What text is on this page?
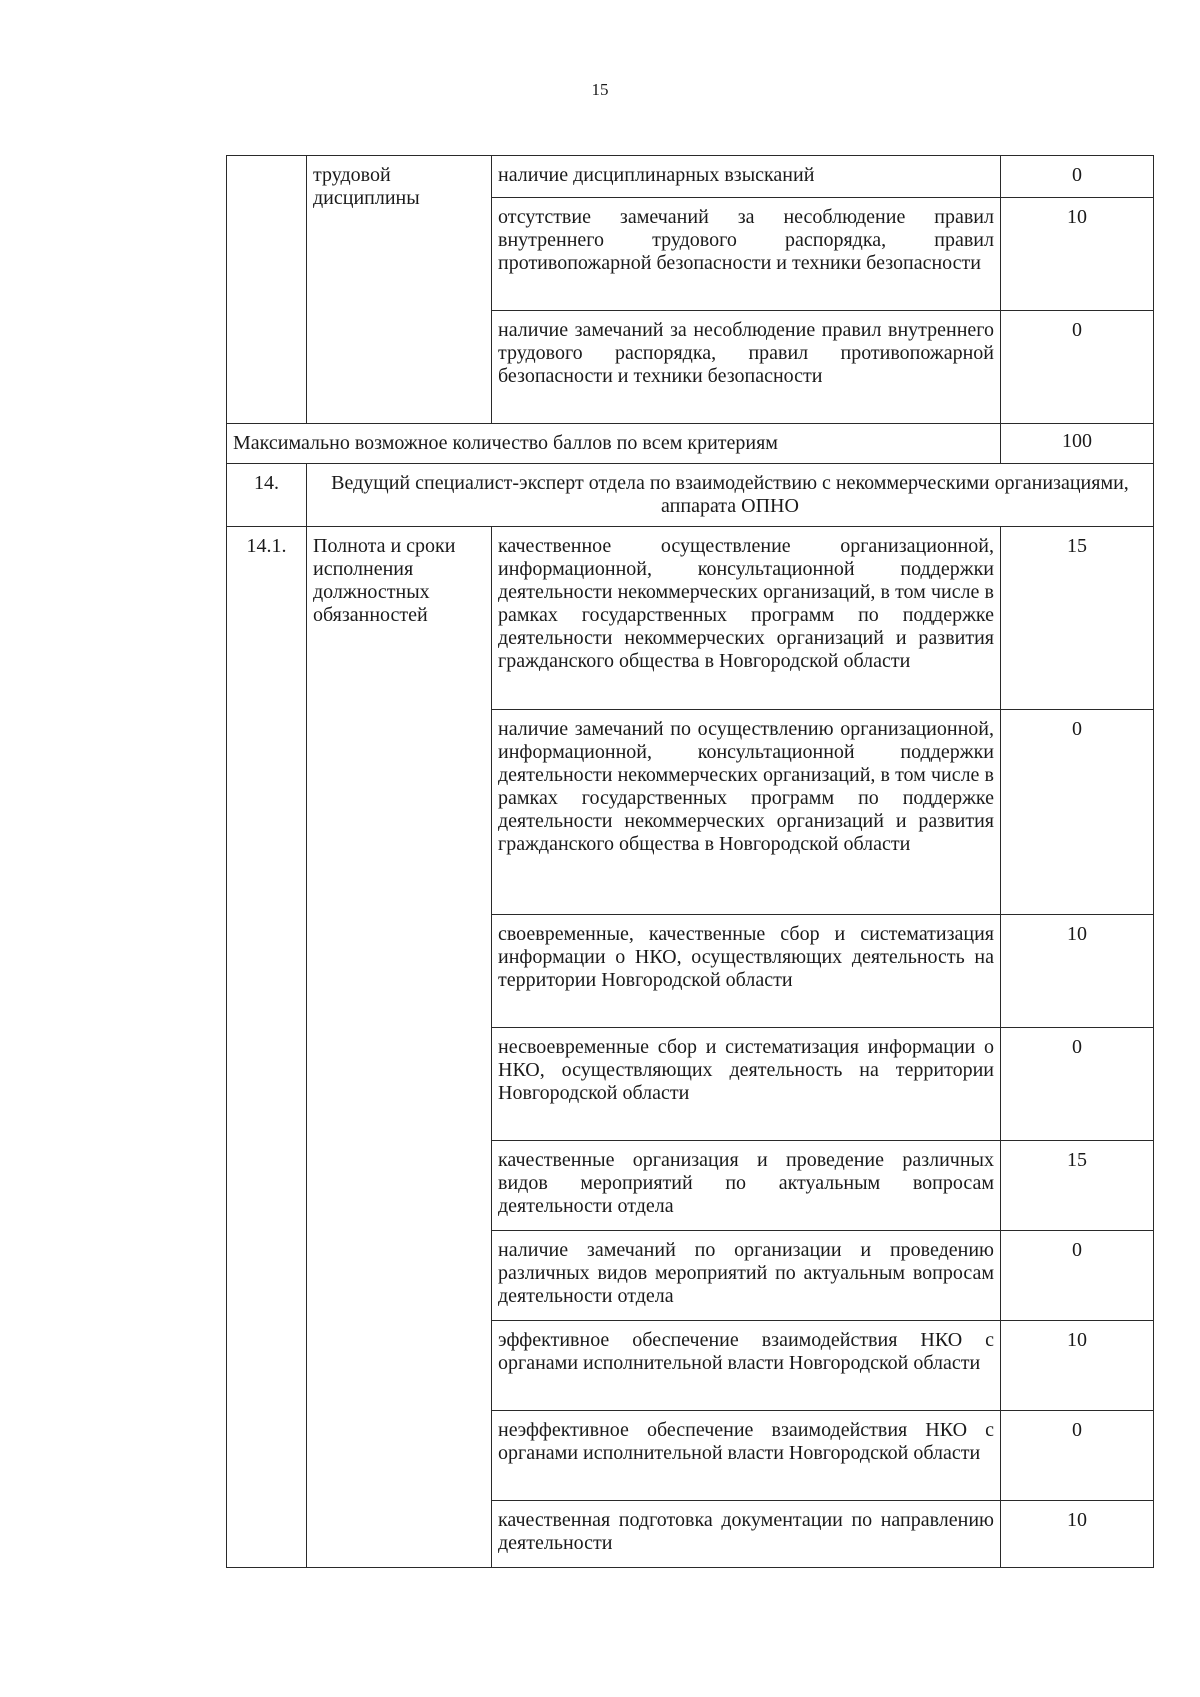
15
	трудовой дисциплины	наличие дисциплинарных взысканий	0
		отсутствие замечаний за несоблюдение правил внутреннего трудового распорядка, правил противопожарной безопасности и техники безопасности	10
		наличие замечаний за несоблюдение правил внутреннего трудового распорядка, правил противопожарной безопасности и техники безопасности	0
Максимально возможное количество баллов по всем критериям			100
14.	Ведущий специалист-эксперт отдела по взаимодействию с некоммерческими организациями, аппарата ОПНО		
14.1.	Полнота и сроки исполнения должностных обязанностей	качественное осуществление организационной, информационной, консультационной поддержки деятельности некоммерческих организаций, в том числе в рамках государственных программ по поддержке деятельности некоммерческих организаций и развития гражданского общества в Новгородской области	15
		наличие замечаний по осуществлению организационной, информационной, консультационной поддержки деятельности некоммерческих организаций, в том числе в рамках государственных программ по поддержке деятельности некоммерческих организаций и развития гражданского общества в Новгородской области	0
		своевременные, качественные сбор и систематизация информации о НКО, осуществляющих деятельность на территории Новгородской области	10
		несвоевременные сбор и систематизация информации о НКО, осуществляющих деятельность на территории Новгородской области	0
		качественные организация и проведение различных видов мероприятий по актуальным вопросам деятельности отдела	15
		наличие замечаний по организации и проведению различных видов мероприятий по актуальным вопросам деятельности отдела	0
		эффективное обеспечение взаимодействия НКО с органами исполнительной власти Новгородской области	10
		неэффективное обеспечение взаимодействия НКО с органами исполнительной власти Новгородской области	0
		качественная подготовка документации по направлению деятельности	10
